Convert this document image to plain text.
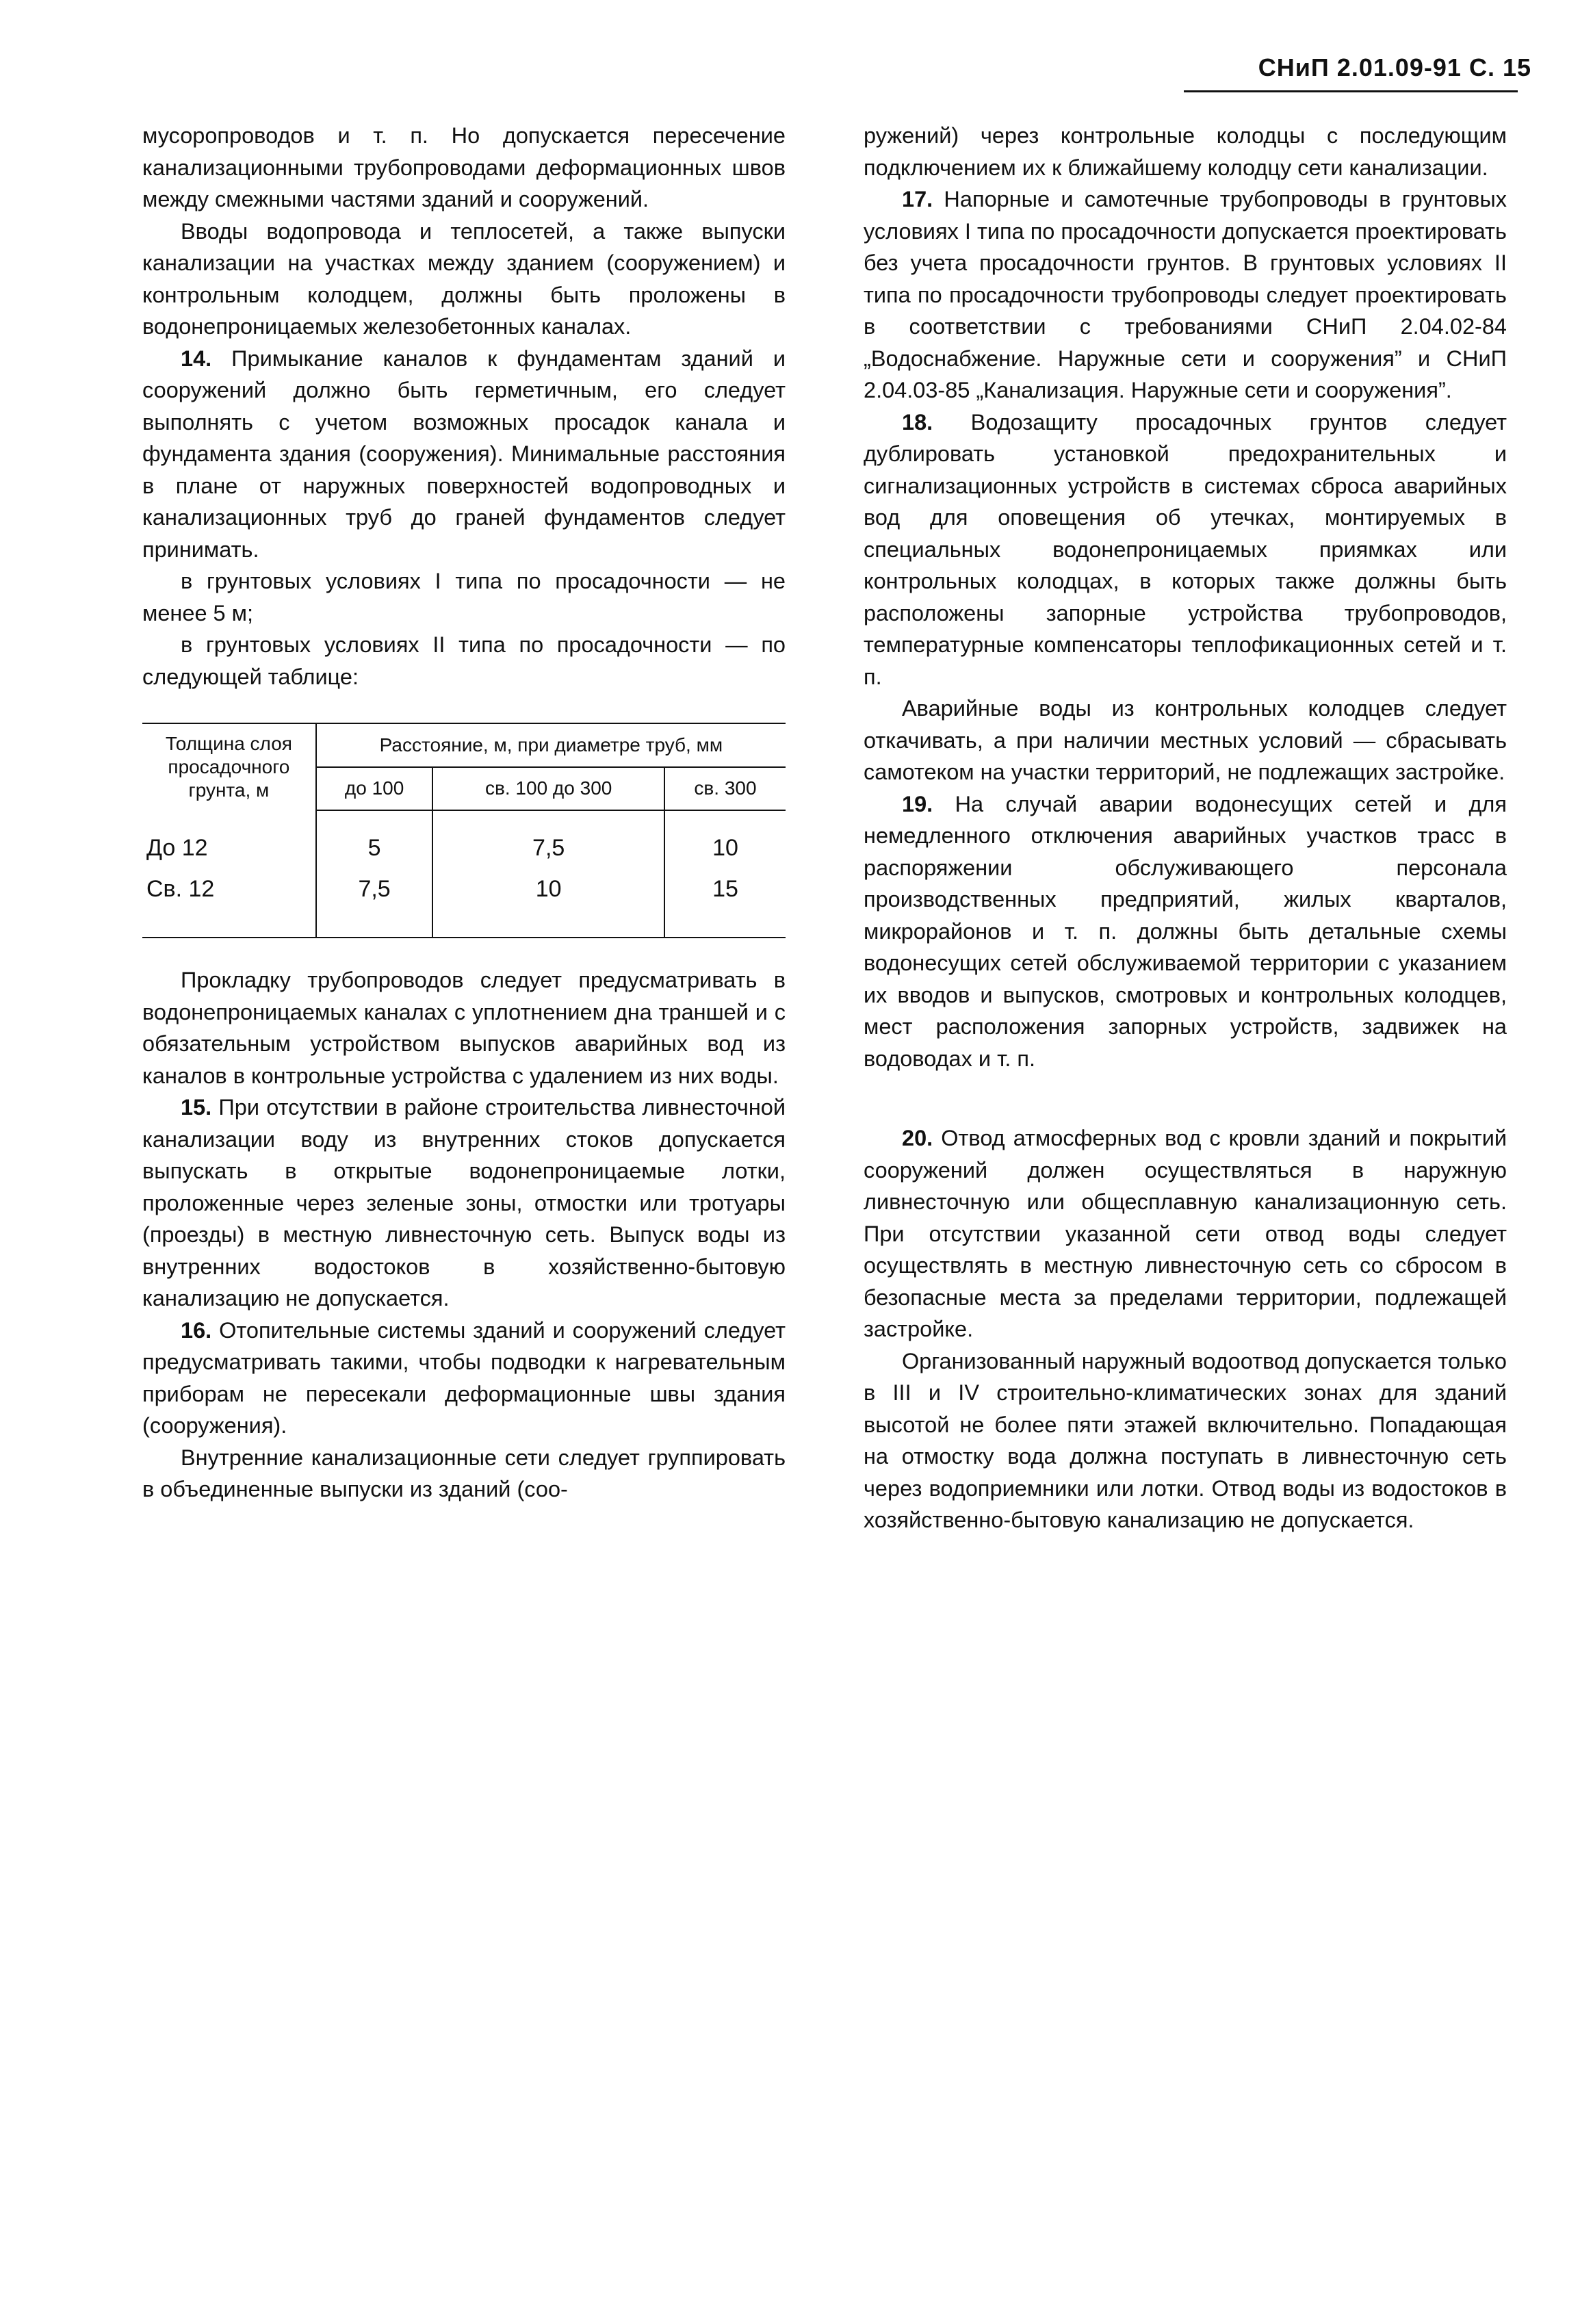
СНиП 2.01.09-91 С. 15

мусоропроводов и т. п. Но допускается пересечение канализационными трубопроводами деформационных швов между смежными частями зданий и сооружений.

Вводы водопровода и теплосетей, а также выпуски канализации на участках между зданием (сооружением) и контрольным колодцем, должны быть проложены в водонепроницаемых железобетонных каналах.

14. Примыкание каналов к фундаментам зданий и сооружений должно быть герметичным, его следует выполнять с учетом возможных просадок канала и фундамента здания (сооружения). Минимальные расстояния в плане от наружных поверхностей водопроводных и канализационных труб до граней фундаментов следует принимать.

в грунтовых условиях I типа по просадочности — не менее 5 м;

в грунтовых условиях II типа по просадочности — по следующей таблице:

Толщина слоя просадочного грунта, м	Расстояние, м, при диаметре труб, мм		
	до 100	св. 100 до 300	св. 300
До 12	5	7,5	10
Св. 12	7,5	10	15

Прокладку трубопроводов следует предусматривать в водонепроницаемых каналах с уплотнением дна траншей и с обязательным устройством выпусков аварийных вод из каналов в контрольные устройства с удалением из них воды.

15. При отсутствии в районе строительства ливнесточной канализации воду из внутренних стоков допускается выпускать в открытые водонепроницаемые лотки, проложенные через зеленые зоны, отмостки или тротуары (проезды) в местную ливнесточную сеть. Выпуск воды из внутренних водостоков в хозяйственно-бытовую канализацию не допускается.

16. Отопительные системы зданий и сооружений следует предусматривать такими, чтобы подводки к нагревательным приборам не пересекали деформационные швы здания (сооружения).

Внутренние канализационные сети следует группировать в объединенные выпуски из зданий (соо-

ружений) через контрольные колодцы с последующим подключением их к ближайшему колодцу сети канализации.

17. Напорные и самотечные трубопроводы в грунтовых условиях I типа по просадочности допускается проектировать без учета просадочности грунтов. В грунтовых условиях II типа по просадочности трубопроводы следует проектировать в соответствии с требованиями СНиП 2.04.02-84 „Водоснабжение. Наружные сети и сооружения” и СНиП 2.04.03-85 „Канализация. Наружные сети и сооружения”.

18. Водозащиту просадочных грунтов следует дублировать установкой предохранительных и сигнализационных устройств в системах сброса аварийных вод для оповещения об утечках, монтируемых в специальных водонепроницаемых приямках или контрольных колодцах, в которых также должны быть расположены запорные устройства трубопроводов, температурные компенсаторы теплофикационных сетей и т. п.

Аварийные воды из контрольных колодцев следует откачивать, а при наличии местных условий — сбрасывать самотеком на участки территорий, не подлежащих застройке.

19. На случай аварии водонесущих сетей и для немедленного отключения аварийных участков трасс в распоряжении обслуживающего персонала производственных предприятий, жилых кварталов, микрорайонов и т. п. должны быть детальные схемы водонесущих сетей обслуживаемой территории с указанием их вводов и выпусков, смотровых и контрольных колодцев, мест расположения запорных устройств, задвижек на водоводах и т. п.

20. Отвод атмосферных вод с кровли зданий и покрытий сооружений должен осуществляться в наружную ливнесточную или общесплавную канализационную сеть. При отсутствии указанной сети отвод воды следует осуществлять в местную ливнесточную сеть со сбросом в безопасные места за пределами территории, подлежащей застройке.

Организованный наружный водоотвод допускается только в III и IV строительно-климатических зонах для зданий высотой не более пяти этажей включительно. Попадающая на отмостку вода должна поступать в ливнесточную сеть через водоприемники или лотки. Отвод воды из водостоков в хозяйственно-бытовую канализацию не допускается.
